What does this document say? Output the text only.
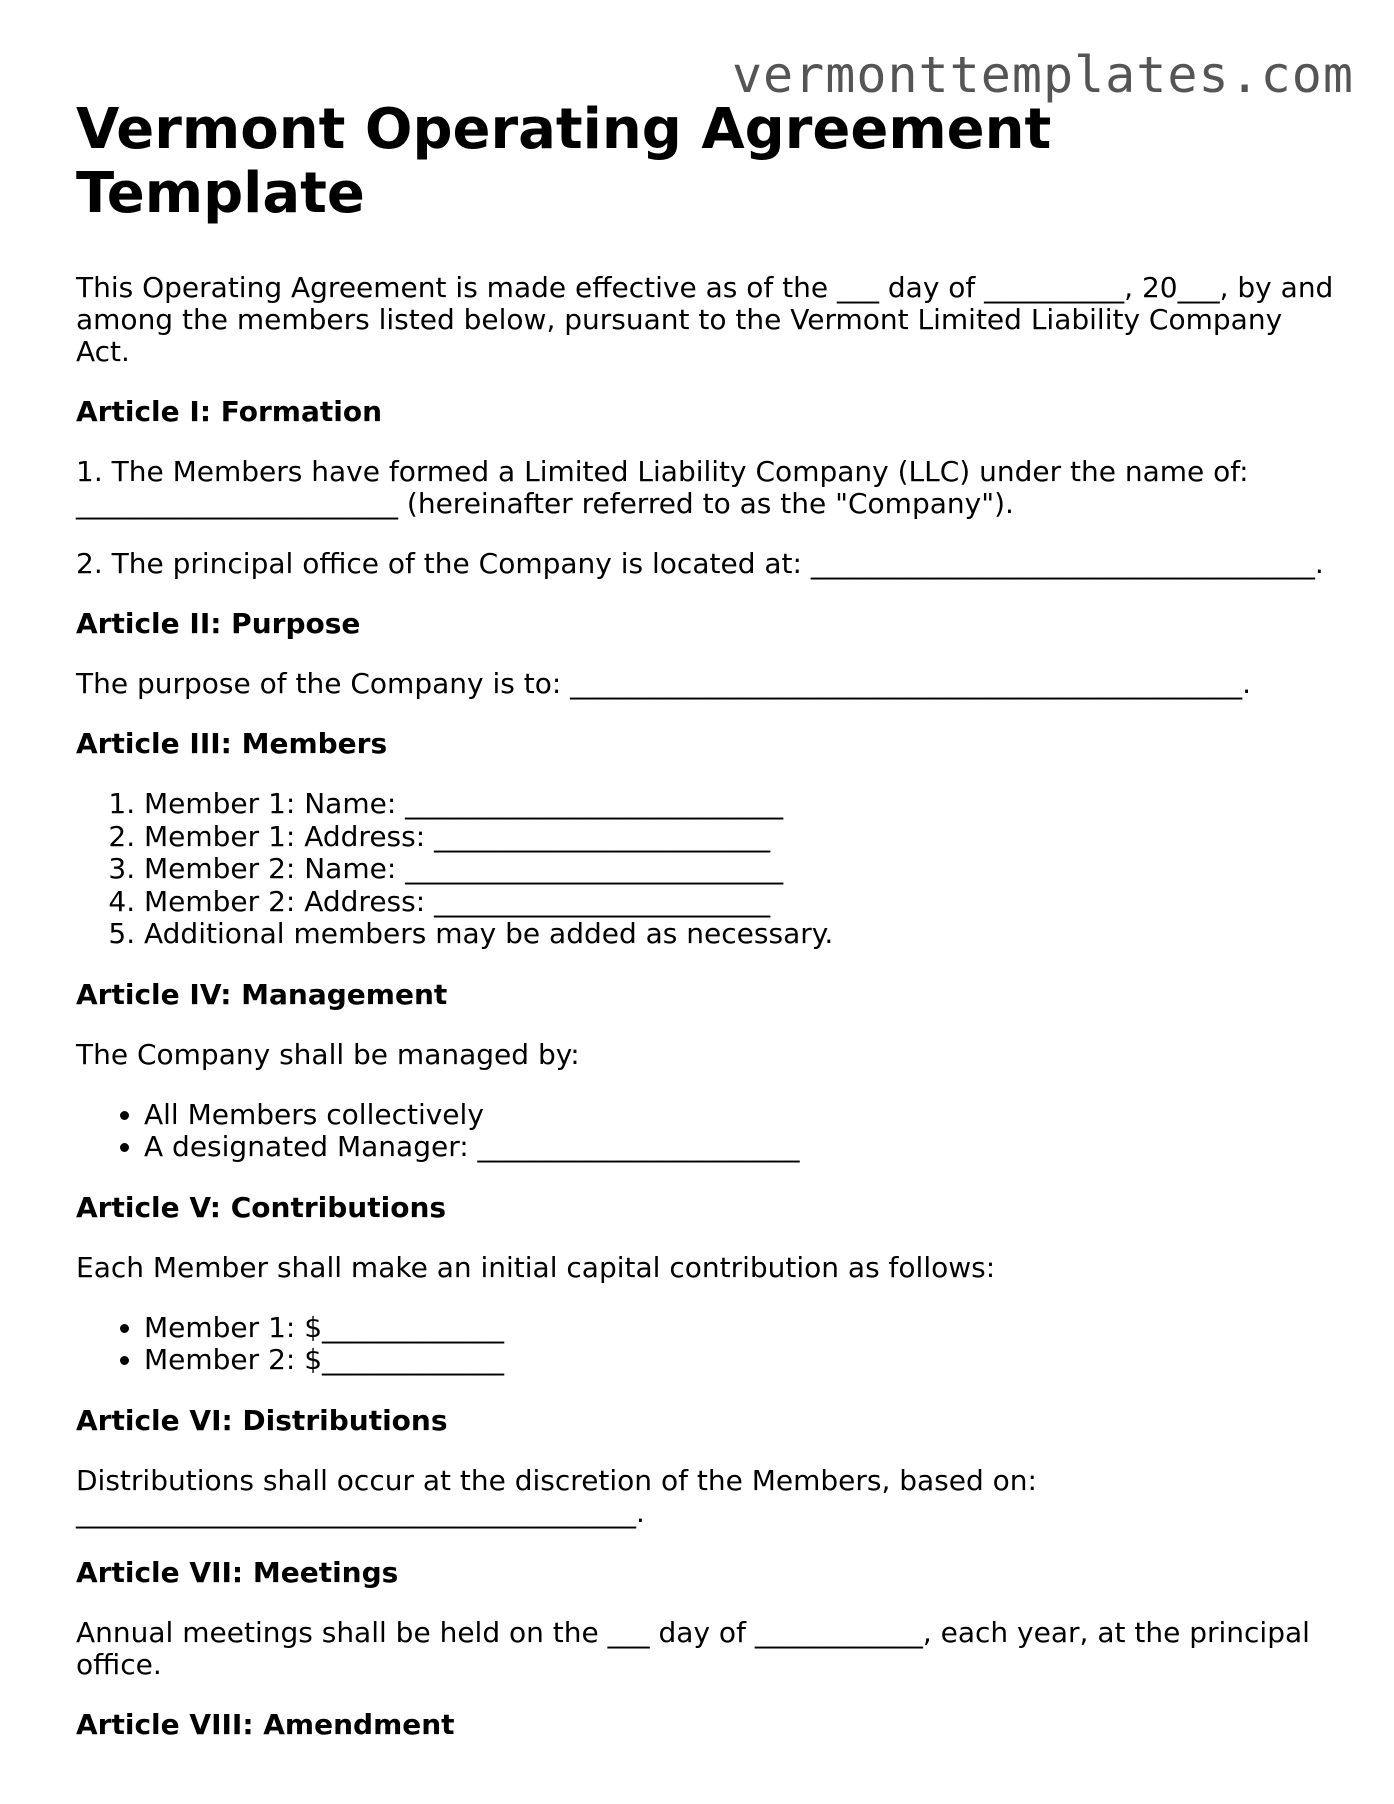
vermonttemplates.com
Vermont Operating Agreement Template

This Operating Agreement is made effective as of the ___ day of __________, 20___, by and among the members listed below, pursuant to the Vermont Limited Liability Company Act.

Article I: Formation

1. The Members have formed a Limited Liability Company (LLC) under the name of: _______________________ (hereinafter referred to as the "Company").

2. The principal office of the Company is located at: ____________________________________.

Article II: Purpose

The purpose of the Company is to: ________________________________________________.

Article III: Members
1. Member 1: Name: ___________________________
2. Member 1: Address: ________________________
3. Member 2: Name: ___________________________
4. Member 2: Address: ________________________
5. Additional members may be added as necessary.
Article IV: Management

The Company shall be managed by:

• All Members collectively
• A designated Manager: _______________________
Article V: Contributions

Each Member shall make an initial capital contribution as follows:

• Member 1: $_____________
• Member 2: $_____________
Article VI: Distributions

Distributions shall occur at the discretion of the Members, based on: ________________________________________.

Article VII: Meetings

Annual meetings shall be held on the ___ day of ____________, each year, at the principal office.

Article VIII: Amendment
